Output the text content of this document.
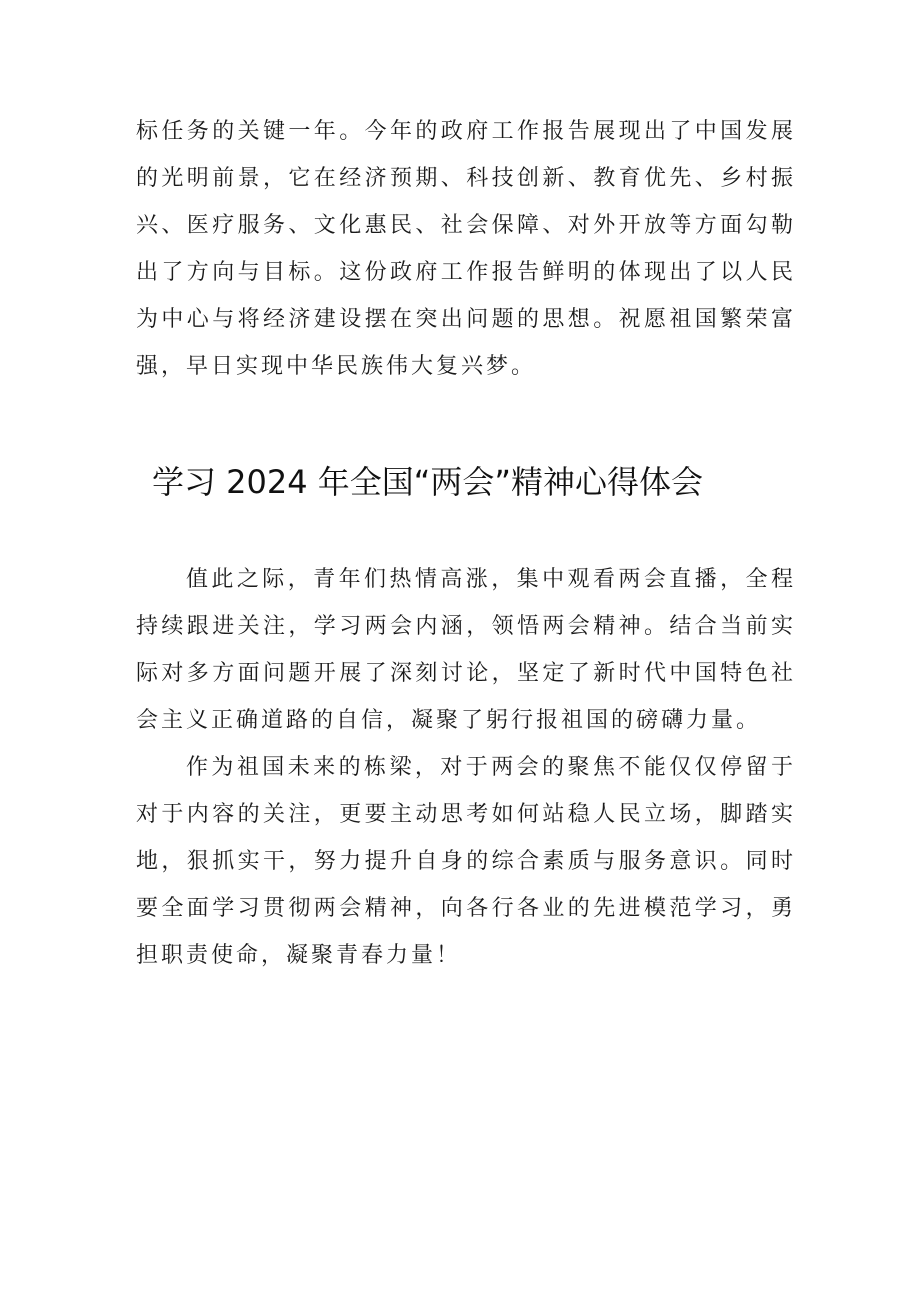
标任务的关键一年。今年的政府工作报告展现出了中国发展的光明前景，它在经济预期、科技创新、教育优先、乡村振兴、医疗服务、文化惠民、社会保障、对外开放等方面勾勒出了方向与目标。这份政府工作报告鲜明的体现出了以人民为中心与将经济建设摆在突出问题的思想。祝愿祖国繁荣富强，早日实现中华民族伟大复兴梦。

学习 2024 年全国“两会”精神心得体会

值此之际，青年们热情高涨，集中观看两会直播，全程持续跟进关注，学习两会内涵，领悟两会精神。结合当前实际对多方面问题开展了深刻讨论，坚定了新时代中国特色社会主义正确道路的自信，凝聚了躬行报祖国的磅礴力量。

作为祖国未来的栋梁，对于两会的聚焦不能仅仅停留于对于内容的关注，更要主动思考如何站稳人民立场，脚踏实地，狠抓实干，努力提升自身的综合素质与服务意识。同时要全面学习贯彻两会精神，向各行各业的先进模范学习，勇担职责使命，凝聚青春力量！
